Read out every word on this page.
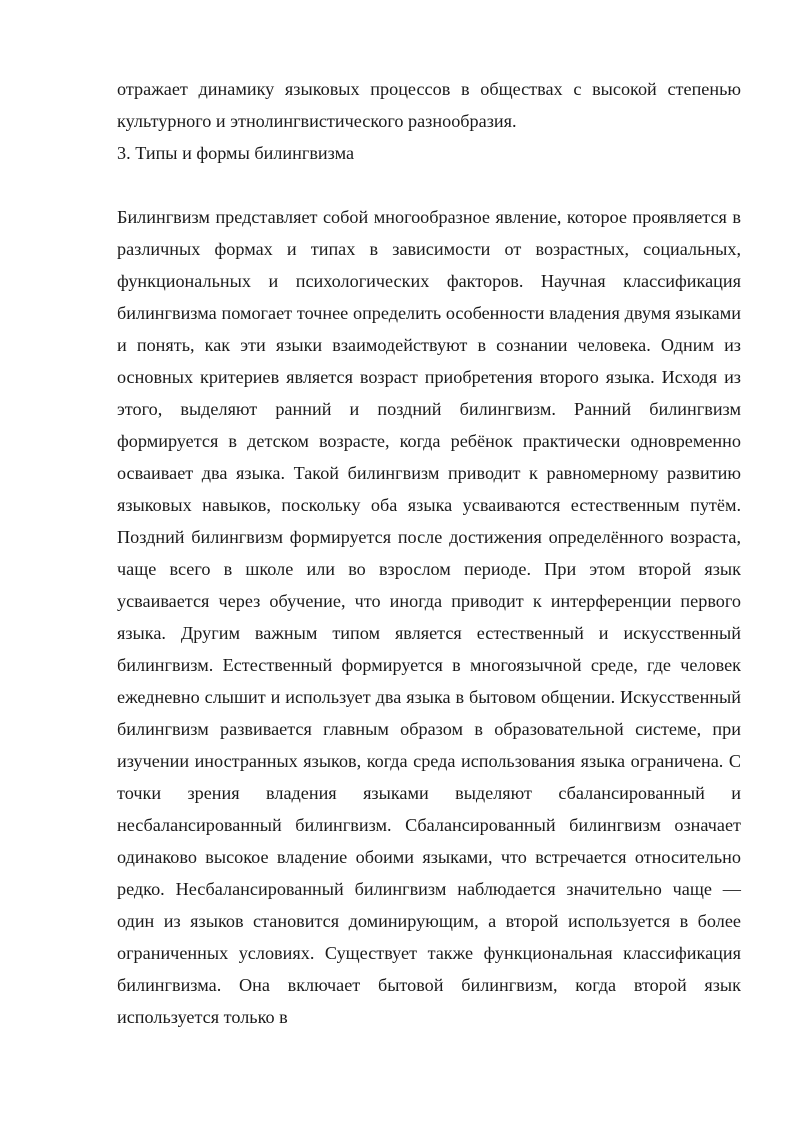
отражает динамику языковых процессов в обществах с высокой степенью культурного и этнолингвистического разнообразия.

3. Типы и формы билингвизма

Билингвизм представляет собой многообразное явление, которое проявляется в различных формах и типах в зависимости от возрастных, социальных, функциональных и психологических факторов. Научная классификация билингвизма помогает точнее определить особенности владения двумя языками и понять, как эти языки взаимодействуют в сознании человека. Одним из основных критериев является возраст приобретения второго языка. Исходя из этого, выделяют ранний и поздний билингвизм. Ранний билингвизм формируется в детском возрасте, когда ребёнок практически одновременно осваивает два языка. Такой билингвизм приводит к равномерному развитию языковых навыков, поскольку оба языка усваиваются естественным путём. Поздний билингвизм формируется после достижения определённого возраста, чаще всего в школе или во взрослом периоде. При этом второй язык усваивается через обучение, что иногда приводит к интерференции первого языка. Другим важным типом является естественный и искусственный билингвизм. Естественный формируется в многоязычной среде, где человек ежедневно слышит и использует два языка в бытовом общении. Искусственный билингвизм развивается главным образом в образовательной системе, при изучении иностранных языков, когда среда использования языка ограничена. С точки зрения владения языками выделяют сбалансированный и несбалансированный билингвизм. Сбалансированный билингвизм означает одинаково высокое владение обоими языками, что встречается относительно редко. Несбалансированный билингвизм наблюдается значительно чаще — один из языков становится доминирующим, а второй используется в более ограниченных условиях. Существует также функциональная классификация билингвизма. Она включает бытовой билингвизм, когда второй язык используется только в
